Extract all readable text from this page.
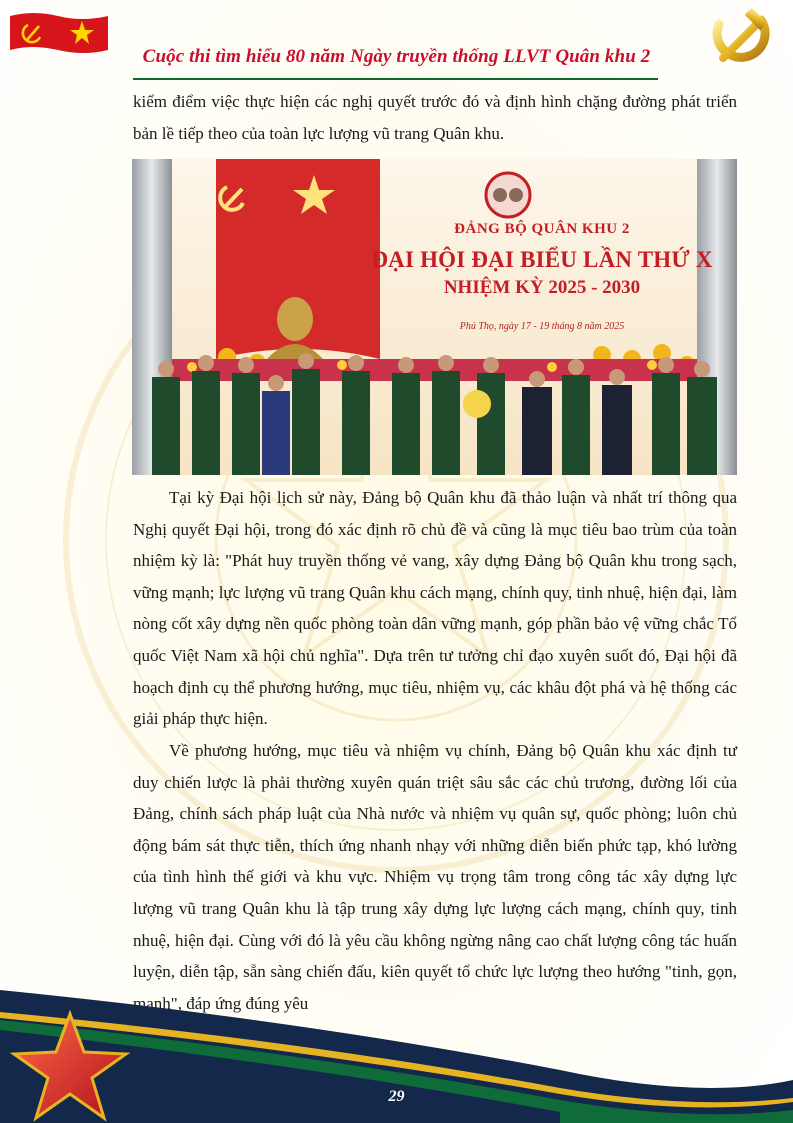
Cuộc thi tìm hiểu 80 năm Ngày truyền thống LLVT Quân khu 2

kiểm điểm việc thực hiện các nghị quyết trước đó và định hình chặng đường phát triển bản lề tiếp theo của toàn lực lượng vũ trang Quân khu.

ĐẢNG BỘ QUÂN KHU 2
ĐẠI HỘI ĐẠI BIỂU LẦN THỨ X
NHIỆM KỲ 2025 - 2030
Phú Thọ, ngày 17 - 19 tháng 8 năm 2025

Tại kỳ Đại hội lịch sử này, Đảng bộ Quân khu đã thảo luận và nhất trí thông qua Nghị quyết Đại hội, trong đó xác định rõ chủ đề và cũng là mục tiêu bao trùm của toàn nhiệm kỳ là: "Phát huy truyền thống vẻ vang, xây dựng Đảng bộ Quân khu trong sạch, vững mạnh; lực lượng vũ trang Quân khu cách mạng, chính quy, tinh nhuệ, hiện đại, làm nòng cốt xây dựng nền quốc phòng toàn dân vững mạnh, góp phần bảo vệ vững chắc Tổ quốc Việt Nam xã hội chủ nghĩa". Dựa trên tư tưởng chỉ đạo xuyên suốt đó, Đại hội đã hoạch định cụ thể phương hướng, mục tiêu, nhiệm vụ, các khâu đột phá và hệ thống các giải pháp thực hiện.

Về phương hướng, mục tiêu và nhiệm vụ chính, Đảng bộ Quân khu xác định tư duy chiến lược là phải thường xuyên quán triệt sâu sắc các chủ trương, đường lối của Đảng, chính sách pháp luật của Nhà nước và nhiệm vụ quân sự, quốc phòng; luôn chủ động bám sát thực tiễn, thích ứng nhanh nhạy với những diễn biến phức tạp, khó lường của tình hình thế giới và khu vực. Nhiệm vụ trọng tâm trong công tác xây dựng lực lượng vũ trang Quân khu là tập trung xây dựng lực lượng cách mạng, chính quy, tinh nhuệ, hiện đại. Cùng với đó là yêu cầu không ngừng nâng cao chất lượng công tác huấn luyện, diễn tập, sẵn sàng chiến đấu, kiên quyết tổ chức lực lượng theo hướng "tinh, gọn, mạnh", đáp ứng đúng yêu

29
